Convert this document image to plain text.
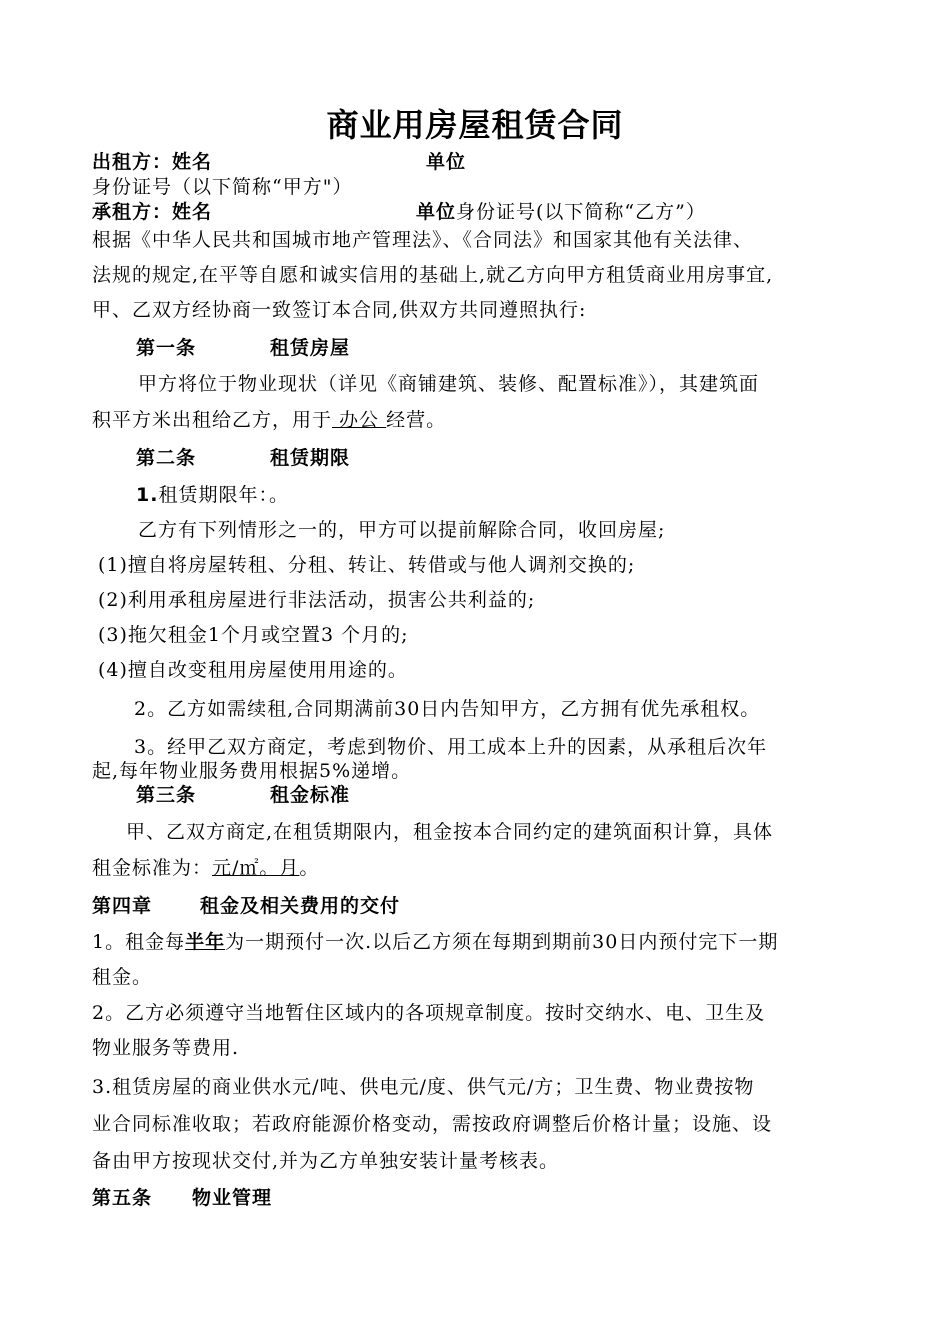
商业用房屋租赁合同
出租方：姓名	单位
身份证号（以下简称“甲方"）
承租方：姓名	单位身份证号(以下简称“乙方”）
根据《中华人民共和国城市地产管理法》、《合同法》和国家其他有关法律、
法规的规定,在平等自愿和诚实信用的基础上,就乙方向甲方租赁商业用房事宜,
甲、乙双方经协商一致签订本合同,供双方共同遵照执行:
第一条	租赁房屋
甲方将位于物业现状（详见《商铺建筑、装修、配置标准》），其建筑面
积平方米出租给乙方，用于 办公 经营。
第二条	租赁期限
1.租赁期限年：。
乙方有下列情形之一的，甲方可以提前解除合同，收回房屋;
(1)擅自将房屋转租、分租、转让、转借或与他人调剂交换的;
(2)利用承租房屋进行非法活动，损害公共利益的;
(3)拖欠租金1个月或空置3 个月的;
(4)擅自改变租用房屋使用用途的。
2。乙方如需续租,合同期满前30日内告知甲方，乙方拥有优先承租权。
3。经甲乙双方商定，考虑到物价、用工成本上升的因素，从承租后次年
起,每年物业服务费用根据5%递增。
第三条	租金标准
甲、乙双方商定,在租赁期限内，租金按本合同约定的建筑面积计算，具体
租金标准为：元/㎡。月。
第四章	租金及相关费用的交付
1。租金每半年为一期预付一次.以后乙方须在每期到期前30日内预付完下一期
租金。
2。乙方必须遵守当地暂住区域内的各项规章制度。按时交纳水、电、卫生及
物业服务等费用.
3.租赁房屋的商业供水元/吨、供电元/度、供气元/方；卫生费、物业费按物
业合同标准收取；若政府能源价格变动，需按政府调整后价格计量；设施、设
备由甲方按现状交付,并为乙方单独安装计量考核表。
第五条 物业管理
